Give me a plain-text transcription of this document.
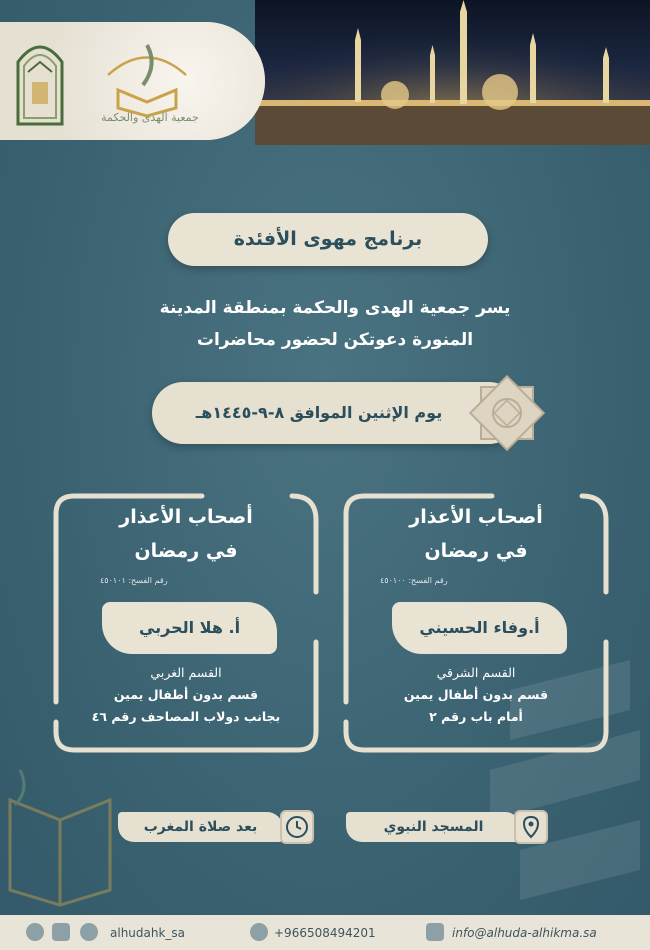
جمعية الهدى والحكمة
برنامج مهوى الأفئدة
يسر جمعية الهدى والحكمة بمنطقة المدينة
المنورة دعوتكن لحضور محاضرات
يوم الإثنين الموافق ٨-٩-١٤٤٥هـ
أصحاب الأعذار
في رمضان
رقم الفسح: ٤٥٠١٠٠
أ.وفاء الحسيني
القسم الشرقي
قسم بدون أطفال يمين
أمام باب رقم ٢
أصحاب الأعذار
في رمضان
رقم الفسح: ٤٥٠١٠١
أ. هلا الحربي
القسم الغربي
قسم بدون أطفال يمين
بجانب دولاب المصاحف رقم ٤٦
المسجد النبوي
بعد صلاة المغرب
alhudahk_sa	+966508494201	info@alhuda-alhikma.sa
